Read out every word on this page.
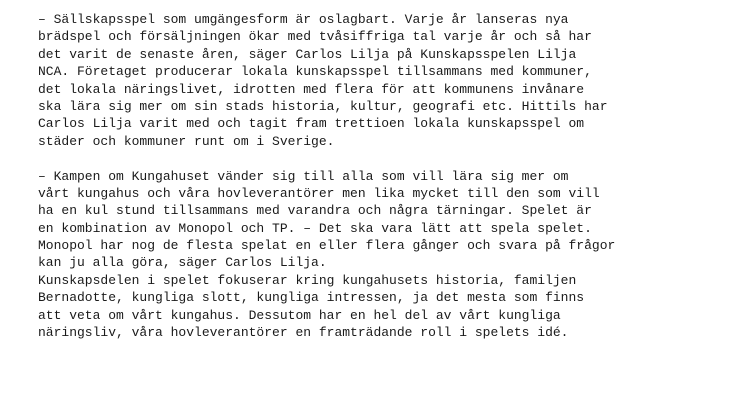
– Sällskapsspel som umgängesform är oslagbart. Varje år lanseras nya
brädspel och försäljningen ökar med tvåsiffriga tal varje år och så har
det varit de senaste åren, säger Carlos Lilja på Kunskapsspelen Lilja
NCA. Företaget producerar lokala kunskapsspel tillsammans med kommuner,
det lokala näringslivet, idrotten med flera för att kommunens invånare
ska lära sig mer om sin stads historia, kultur, geografi etc. Hittils har
Carlos Lilja varit med och tagit fram trettioen lokala kunskapsspel om
städer och kommuner runt om i Sverige.
– Kampen om Kungahuset vänder sig till alla som vill lära sig mer om
vårt kungahus och våra hovleverantörer men lika mycket till den som vill
ha en kul stund tillsammans med varandra och några tärningar. Spelet är
en kombination av Monopol och TP. – Det ska vara lätt att spela spelet.
Monopol har nog de flesta spelat en eller flera gånger och svara på frågor
kan ju alla göra, säger Carlos Lilja.
Kunskapsdelen i spelet fokuserar kring kungahusets historia, familjen
Bernadotte, kungliga slott, kungliga intressen, ja det mesta som finns
att veta om vårt kungahus. Dessutom har en hel del av vårt kungliga
näringsliv, våra hovleverantörer en framträdande roll i spelets idé.
